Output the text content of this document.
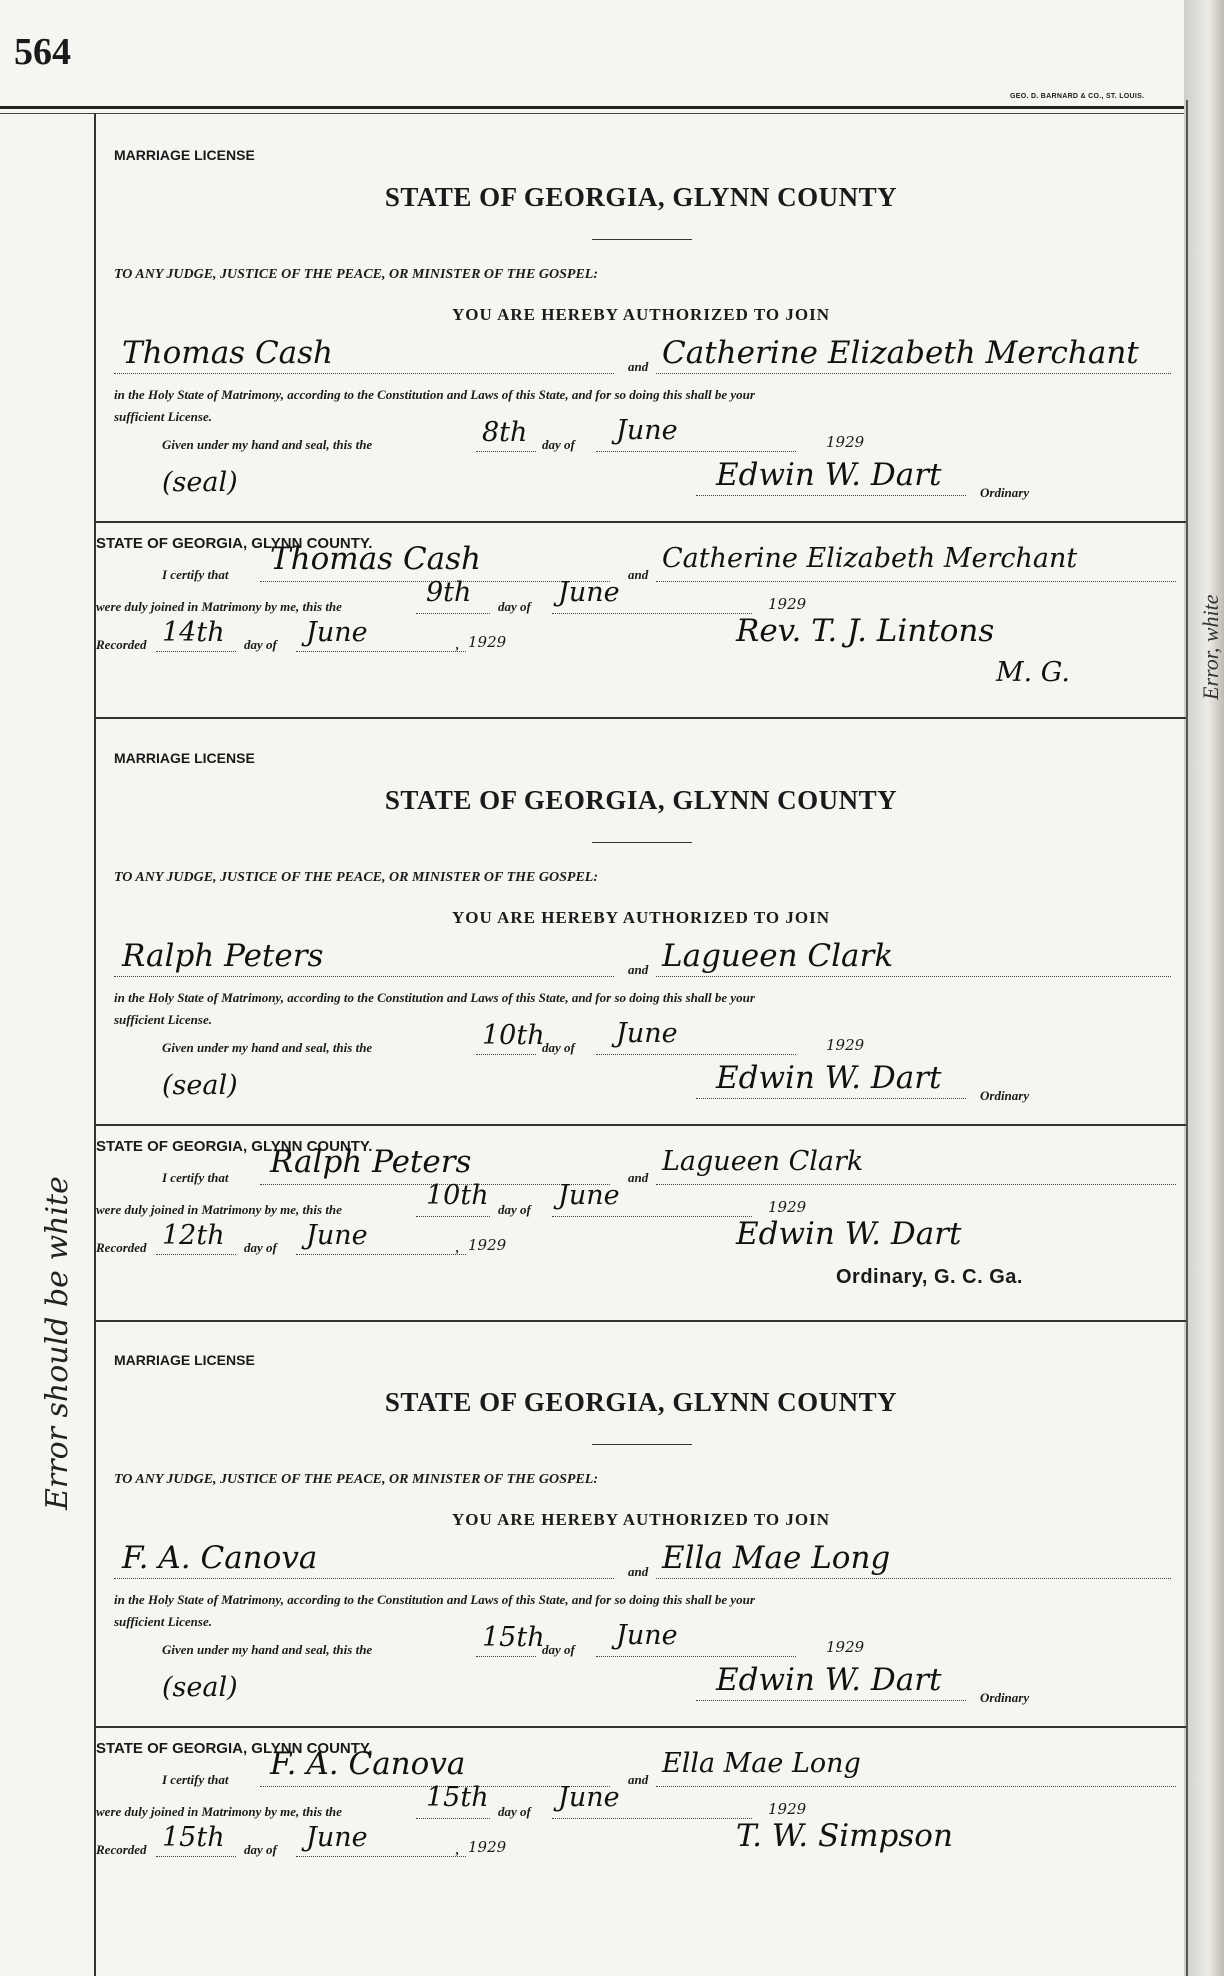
564
GEO. D. BARNARD & CO., ST. LOUIS.
Error should be white
Error, white
MARRIAGE LICENSE
STATE OF GEORGIA, GLYNN COUNTY
TO ANY JUDGE, JUSTICE OF THE PEACE, OR MINISTER OF THE GOSPEL:
YOU ARE HEREBY AUTHORIZED TO JOIN
Thomas Cash	and Catherine Elizabeth Merchant
in the Holy State of Matrimony, according to the Constitution and Laws of this State, and for so doing this shall be your
sufficient License.
Given under my hand and seal, this the	8th day of June	1929
(seal)	Edwin W. Dart	Ordinary
STATE OF GEORGIA, GLYNN COUNTY.
I certify that Thomas Cash	and
Catherine Elizabeth Merchant
were duly joined in Matrimony by me, this the	9th day of June	1929
Recorded 14th day of June	, 1929	Rev. T. J. Lintons
M. G.
MARRIAGE LICENSE
STATE OF GEORGIA, GLYNN COUNTY
TO ANY JUDGE, JUSTICE OF THE PEACE, OR MINISTER OF THE GOSPEL:
YOU ARE HEREBY AUTHORIZED TO JOIN
Ralph Peters	and Lagueen Clark
in the Holy State of Matrimony, according to the Constitution and Laws of this State, and for so doing this shall be your
sufficient License.
Given under my hand and seal, this the	10th
day of June	1929
(seal)	Edwin W. Dart	Ordinary
STATE OF GEORGIA, GLYNN COUNTY.
I certify that Ralph Peters	and
Lagueen Clark
were duly joined in Matrimony by me, this the	10th day of June	1929
Recorded 12th day of June	, 1929	Edwin W. Dart
Ordinary, G. C. Ga.
MARRIAGE LICENSE
STATE OF GEORGIA, GLYNN COUNTY
TO ANY JUDGE, JUSTICE OF THE PEACE, OR MINISTER OF THE GOSPEL:
YOU ARE HEREBY AUTHORIZED TO JOIN
F. A. Canova	and Ella Mae Long
in the Holy State of Matrimony, according to the Constitution and Laws of this State, and for so doing this shall be your
sufficient License.
Given under my hand and seal, this the	15th
day of June	1929
(seal)	Edwin W. Dart	Ordinary
STATE OF GEORGIA, GLYNN COUNTY.
I certify that F. A. Canova	and
Ella Mae Long
were duly joined in Matrimony by me, this the	15th day of June	1929
Recorded 15th day of June	, 1929	T. W. Simpson
